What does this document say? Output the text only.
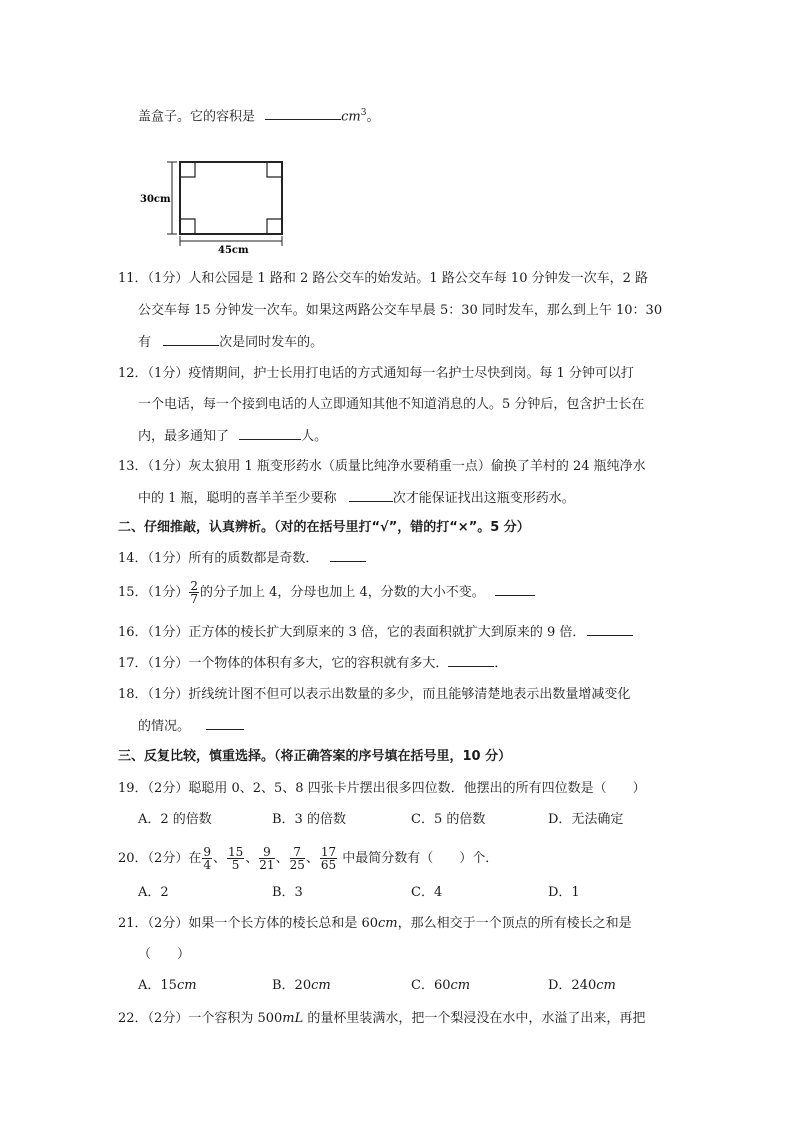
盖盒子。它的容积是	$cm^3$。
30cm
45cm
11．（1分）人和公园是 1 路和 2 路公交车的始发站。1 路公交车每 10 分钟发一次车，2 路
公交车每 15 分钟发一次车。如果这两路公交车早晨 5：30 同时发车，那么到上午 10：30
有	次是同时发车的。
12．（1分）疫情期间，护士长用打电话的方式通知每一名护士尽快到岗。每 1 分钟可以打
一个电话，每一个接到电话的人立即通知其他不知道消息的人。5 分钟后，包含护士长在
内，最多通知了	人。
13．（1分）灰太狼用 1 瓶变形药水（质量比纯净水要稍重一点）偷换了羊村的 24 瓶纯净水
中的 1 瓶，聪明的喜羊羊至少要称	次才能保证找出这瓶变形药水。
二、仔细推敲，认真辨析。（对的在括号里打“√”，错的打“×”。5 分）
14．（1分）所有的质数都是奇数．
15．（1分） $\frac{2}{7}$ 的分子加上 4，分母也加上 4，分数的大小不变。
16．（1分）正方体的棱长扩大到原来的 3 倍，它的表面积就扩大到原来的 9 倍．
17．（1分）一个物体的体积有多大，它的容积就有多大．	．
18．（1分）折线统计图不但可以表示出数量的多少，而且能够清楚地表示出数量增减变化
的情况。
三、反复比较，慎重选择。（将正确答案的序号填在括号里，10 分）
19．（2分）聪聪用 0、2、5、8 四张卡片摆出很多四位数．他摆出的所有四位数是（　　）
A．2 的倍数	B．3 的倍数	C．5 的倍数	D．无法确定
20．（2分）在 $\frac{9}{4}$ 、 $\frac{15}{5}$ 、 $\frac{9}{21}$ 、 $\frac{7}{25}$ 、 $\frac{17}{65}$ 中最简分数有（　　）个．
A．2	B．3	C．4	D．1
21．（2分）如果一个长方体的棱长总和是 60cm，那么相交于一个顶点的所有棱长之和是
（　　）
A．15cm	B．20cm	C．60cm	D．240cm
22．（2分）一个容积为 500mL 的量杯里装满水，把一个梨浸没在水中，水溢了出来，再把
